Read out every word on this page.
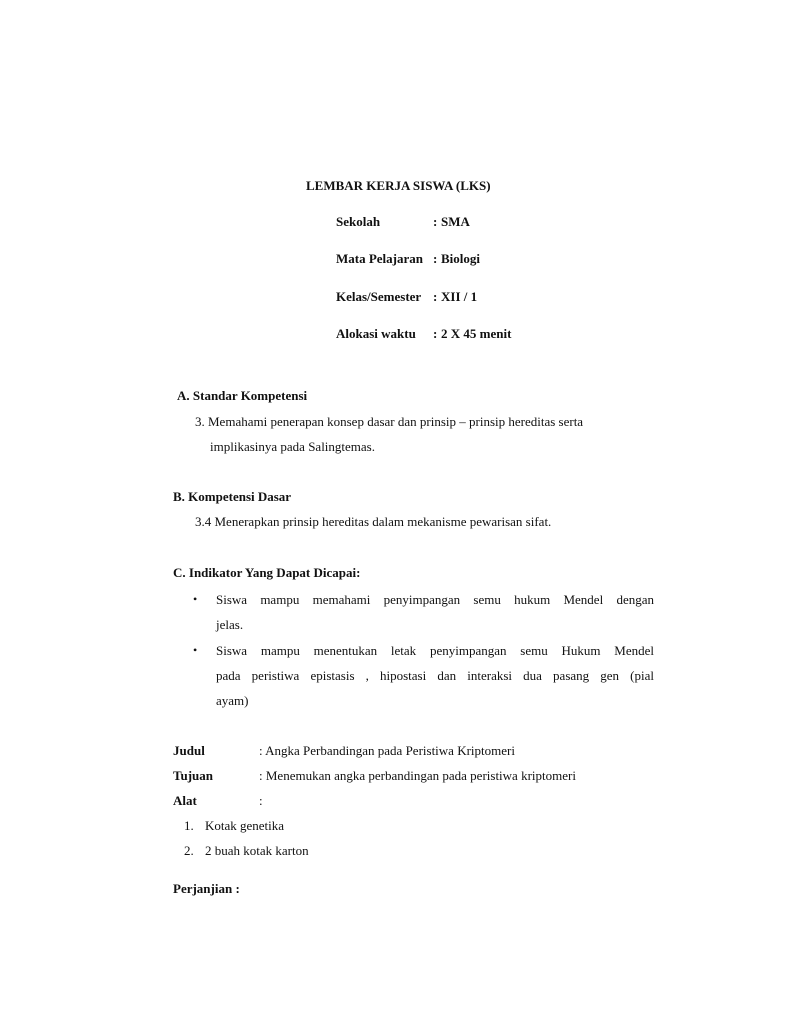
LEMBAR KERJA SISWA (LKS)
Sekolah	: SMA
Mata Pelajaran : Biologi
Kelas/Semester : XII / 1
Alokasi waktu : 2 X 45 menit
A. Standar Kompetensi
3. Memahami penerapan konsep dasar dan prinsip – prinsip hereditas serta
implikasinya pada Salingtemas.
B. Kompetensi Dasar
3.4 Menerapkan prinsip hereditas dalam mekanisme pewarisan sifat.
C. Indikator Yang Dapat Dicapai:
• Siswa mampu memahami penyimpangan semu hukum Mendel dengan
jelas.
• Siswa mampu menentukan letak penyimpangan semu Hukum Mendel
pada peristiwa epistasis , hipostasi dan interaksi dua pasang gen (pial
ayam)
Judul	: Angka Perbandingan pada Peristiwa Kriptomeri
Tujuan	: Menemukan angka perbandingan pada peristiwa kriptomeri
Alat	:
1. Kotak genetika
2. 2 buah kotak karton
Perjanjian :
